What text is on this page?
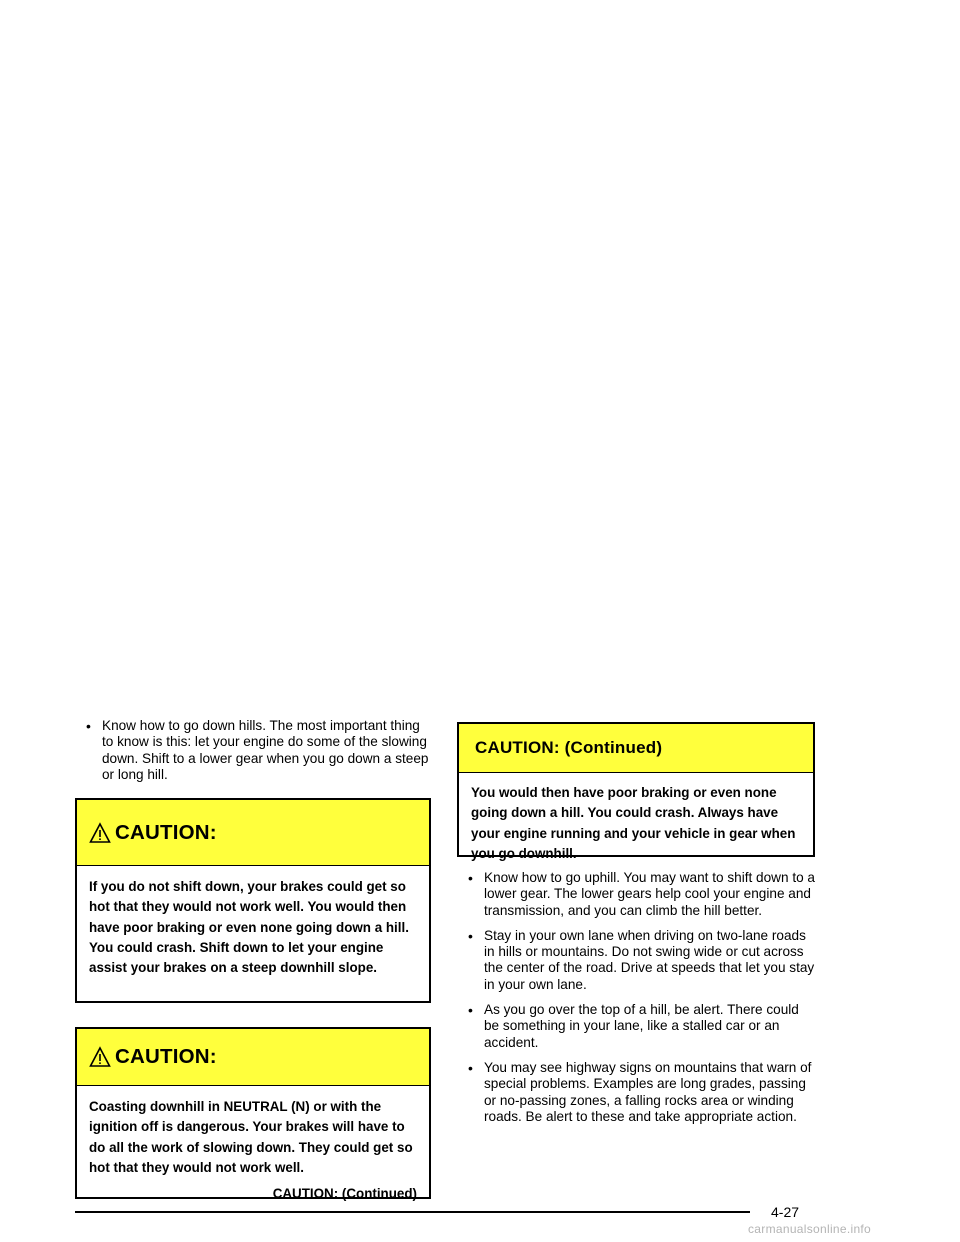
• Know how to go down hills. The most important thing to know is this: let your engine do some of the slowing down. Shift to a lower gear when you go down a steep or long hill.
CAUTION:
If you do not shift down, your brakes could get so hot that they would not work well. You would then have poor braking or even none going down a hill. You could crash. Shift down to let your engine assist your brakes on a steep downhill slope.
CAUTION:
Coasting downhill in NEUTRAL (N) or with the ignition off is dangerous. Your brakes will have to do all the work of slowing down. They could get so hot that they would not work well.
CAUTION: (Continued)
CAUTION: (Continued)
You would then have poor braking or even none going down a hill. You could crash. Always have your engine running and your vehicle in gear when you go downhill.
• Know how to go uphill. You may want to shift down to a lower gear. The lower gears help cool your engine and transmission, and you can climb the hill better.
• Stay in your own lane when driving on two-lane roads in hills or mountains. Do not swing wide or cut across the center of the road. Drive at speeds that let you stay in your own lane.
• As you go over the top of a hill, be alert. There could be something in your lane, like a stalled car or an accident.
• You may see highway signs on mountains that warn of special problems. Examples are long grades, passing or no-passing zones, a falling rocks area or winding roads. Be alert to these and take appropriate action.
4-27
carmanualsonline.info
